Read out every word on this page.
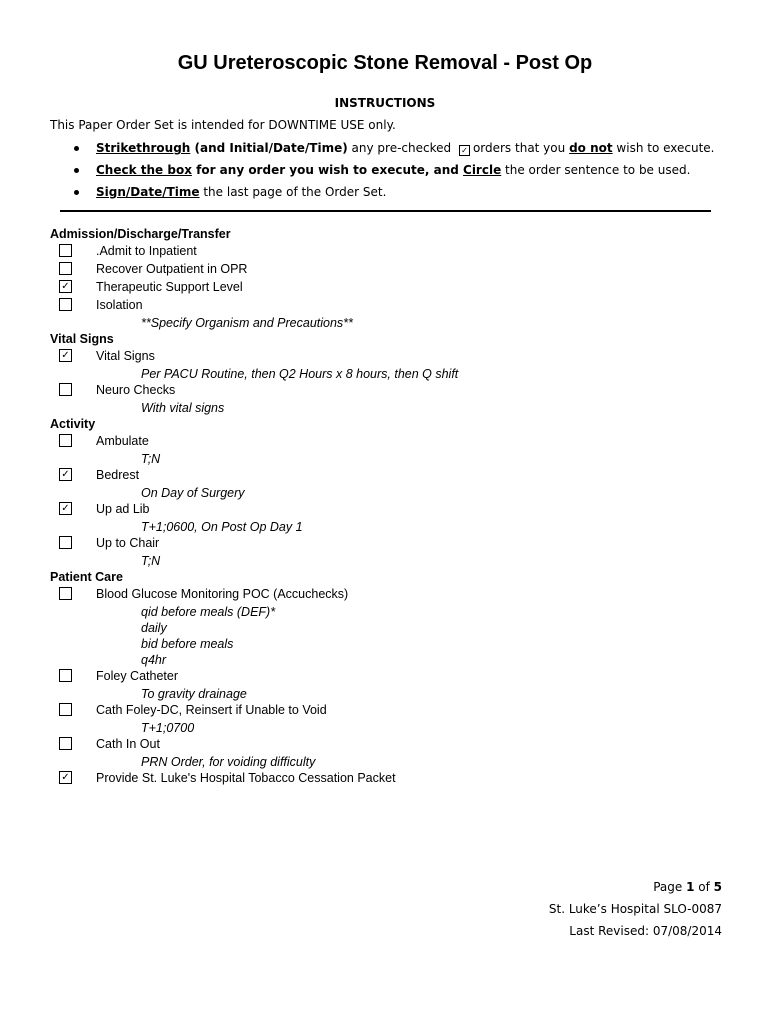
GU Ureteroscopic Stone Removal - Post Op
INSTRUCTIONS
This Paper Order Set is intended for DOWNTIME USE only.
Strikethrough (and Initial/Date/Time) any pre-checked ✓ orders that you do not wish to execute.
Check the box for any order you wish to execute, and Circle the order sentence to be used.
Sign/Date/Time the last page of the Order Set.
Admission/Discharge/Transfer
.Admit to Inpatient
Recover Outpatient in OPR
✓
Therapeutic Support Level
Isolation
**Specify Organism and Precautions**
Vital Signs
✓
Vital Signs
Per PACU Routine, then Q2 Hours x 8 hours, then Q shift
Neuro Checks
With vital signs
Activity
Ambulate
T;N
✓
Bedrest
On Day of Surgery
✓
Up ad Lib
T+1;0600, On Post Op Day 1
Up to Chair
T;N
Patient Care
Blood Glucose Monitoring POC (Accuchecks)
qid before meals (DEF)*
daily
bid before meals
q4hr
Foley Catheter
To gravity drainage
Cath Foley-DC, Reinsert if Unable to Void
T+1;0700
Cath In Out
PRN Order, for voiding difficulty
✓
Provide St. Luke's Hospital Tobacco Cessation Packet
Page 1 of 5
St. Luke’s Hospital SLO-0087
Last Revised: 07/08/2014
